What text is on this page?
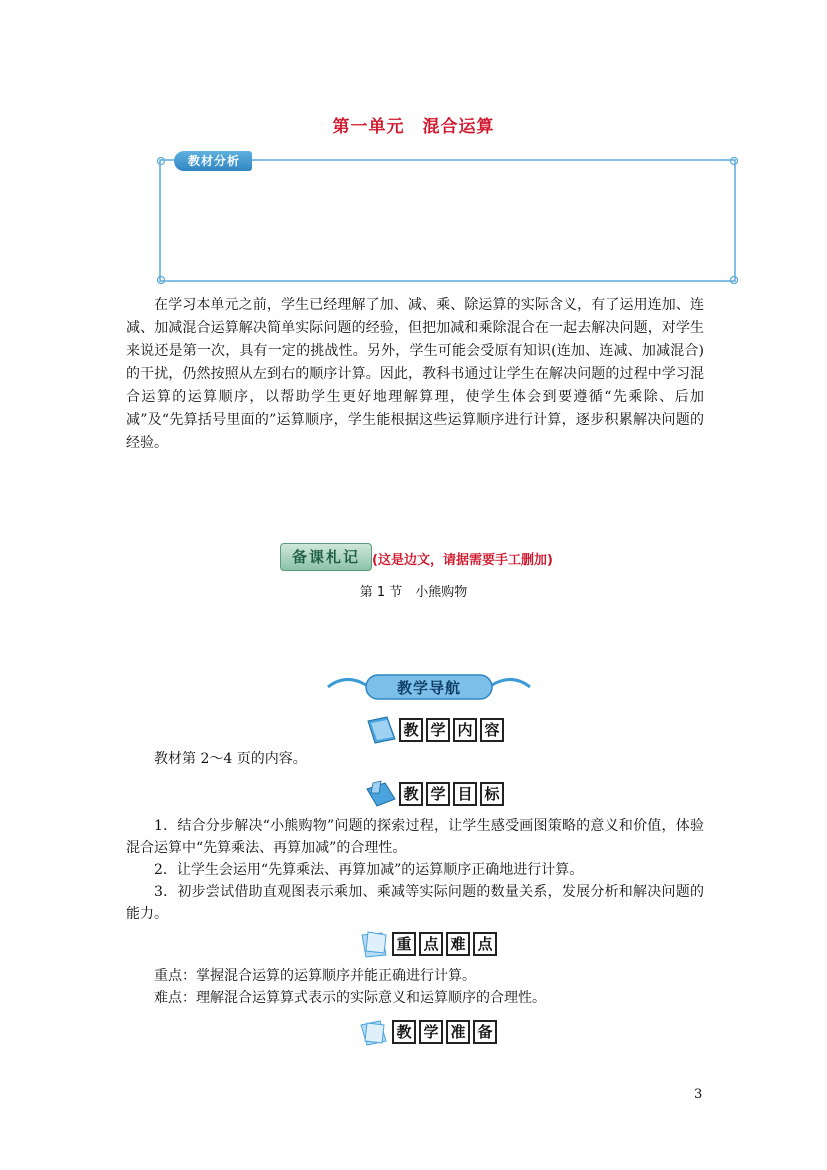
第一单元　混合运算
教材分析
在学习本单元之前，学生已经理解了加、减、乘、除运算的实际含义，有了运用连加、连减、加减混合运算解决简单实际问题的经验，但把加减和乘除混合在一起去解决问题，对学生来说还是第一次，具有一定的挑战性。另外，学生可能会受原有知识(连加、连减、加减混合)的干扰，仍然按照从左到右的顺序计算。因此，教科书通过让学生在解决问题的过程中学习混合运算的运算顺序，以帮助学生更好地理解算理，使学生体会到要遵循“先乘除、后加减”及“先算括号里面的”运算顺序，学生能根据这些运算顺序进行计算，逐步积累解决问题的经验。
备课札记 (这是边文，请据需要手工删加)
第 1 节　小熊购物
教学导航
教 学 内 容
教材第 2～4 页的内容。
教 学 目 标
1．结合分步解决“小熊购物”问题的探索过程，让学生感受画图策略的意义和价值，体验混合运算中“先算乘法、再算加减”的合理性。
2．让学生会运用“先算乘法、再算加减”的运算顺序正确地进行计算。
3．初步尝试借助直观图表示乘加、乘减等实际问题的数量关系，发展分析和解决问题的能力。
重 点 难 点
重点：掌握混合运算的运算顺序并能正确进行计算。
难点：理解混合运算算式表示的实际意义和运算顺序的合理性。
教 学 准 备
3
